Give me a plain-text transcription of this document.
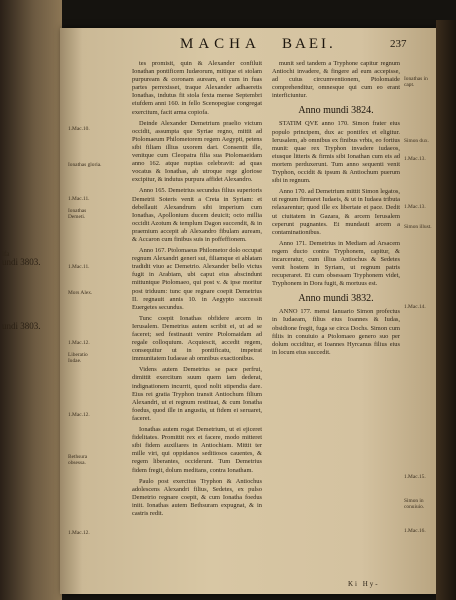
ifa
undi 3803.
undi 3803.
MACHA BAEI.	237

tes promisit, quin & Alexander confiluit Ionathan pontificem Iudæorum, mitique ei stolam purpuream & coronam auream, et cum in fuas partes perrexisset, traque Alexander adhaeretis Ionathas, indutus fit stola fexta mense Septembri eiufdem anni 160. in fello Scenopegiae congregat exercitum, facit arma copiofa.

Deinde Alexander Demetrium praelio victum occidit, assumpta que Syriae regno, mittit ad Ptolomaeum Philometorem regem Aegypti, petens sibi filiam illius uxorem dari. Consentit ille, venitque cum Cleopatra filia sua Ptolomaeidam anno 162. atque nuptias celebravit: ad quas vocatus & Ionathas, ab utroque rege gloriose excipitur, & indutus purpura affidet Alexandro.

Anno 165. Demetrius secundus filius superioris Demetrii Soteris venit a Creta in Syriam: et debellauit Alexandrum sibi imperium cum Ionathas, Apollonium ducem deuicit; octo millia occidit Azotum & templum Dagon succendit, & in praemium accepit ab Alexandro fibulam auream, & Accaron cum finibus suis in poffeffionem.

Anno 167. Ptolomaeus Philometor dolo occupat regnum Alexandri generi sui, filiamque ei ablatam tradidit viuo ac Demetrio. Alexander bello victus fugit in Arabiam, ubi caput eius abscindunt mittuntque Ptolomaeo, qui post v. & ipse moritur post triduum: tunc que regnare coepit Demetrius II. regnauit annis 10. in Aegypto successit Euergetes secundus.

Tunc coepit Ionathas obfidere arcem in Ierusalem. Demetrius autem scribit ei, ut ad se faceret; sed festinauit venire Ptolomaidam ad regale colloquium. Acquiescit, accedit regem, consequitur ut in pontificatu, impetrat immunitatem Iudaeae ab omnibus exactionibus.

Videns autem Demetrius se pace perfrui, dimittit exercitum suum quem iam dederat, indignationem incurrit, quod nolit stipendia dare. Eius rei gratia Tryphon transit Antiochum filium Alexandri, ut ei regnum restituat, & cum Ionatha foedus, quod ille in angustia, ut fidem ei seruaret, faceret.

Ionathas autem rogat Demetrium, ut ei ejiceret fidelitates. Promittit rex et facere, modo mitteret sibi fidem auxiliares in Antiochiam. Mittit ter mille viri, qui oppidanos seditiosos cauentes, & regem liberantes, occiderunt. Tum Demetrius fidem fregit, dolum meditans, contra Ionatham.

Paulo post exercitus Tryphon & Antiochus adolescens Alexandri filius, Sedetes, ex pulso Demetrio regnare coepit, & cum Ionatha foedus iniit. Ionathas autem Bethsuram expugnat, & in castris redit.

munit sed tandem a Tryphone capitur regnum Antiochi invadere, & fingere ad eum accepisse, ad cuius circumventionem, Ptolomaide comprehenditur, omnesque qui cum eo erant interficiuntur.

Anno mundi 3824.

STATIM QVE anno 170. Simon frater eius populo principem, dux ac pontifex et eligitur. Ierusalem, ab omnibus ex finibus vrbis, eo fortius munit: quae rex Tryphon invadere iudaeos, eiusque litteris & firmis sibi Ionathan cum eis ad mortem perduxerunt. Tum anno sequenti venit Tryphon, occidit & ipsum & Antiochum puerum sibi in regnum.

Anno 170. ad Demetrium mittit Simon legatos, ut regnum firmaret Iudaeis, & ut in Iudaea tributa relaxarentur; quod ille ex libertate et pace. Dedit ut ciuitatem in Gazara, & arcem Ierusalem ceperunt pugnantes. Et mundauit arcem a contaminationibus.

Anno 171. Demetrius in Mediam ad Arsacem regem ducto contra Tryphonem, capitur, & incarceratur, cum illius Antiochus & Sedetes venit hostem in Syriam, ut regnum patris recuperaret. Et cum obsessam Tryphonem videt, Tryphonem in Dora fugit, & mortuus est.

Anno mundi 3832.

ANNO 177. mensi Ianuario Simon profectus in Iudaeam, filius eius Ioannes & Iudas, obsidione fregit, fuga se circa Dochs. Simon cum filiis in conuiuio a Ptolomaeo genero suo per dolum occiditur, et Ioannes Hyrcanus filius eius in locum eius succedit.

1.Mac.10.
Ionathas gloria.
1.Mac.11.
Ionathas Demeti.
1.Mac.11.
Mors Alex.
1.Mac.12.
Liberatio Iudae.
1.Mac.12.
Bethsura obsessa.
1.Mac.12.
Ionathas in capt.
Simon dux.
1.Mac.13.
1.Mac.13.
Simon illust.
1.Mac.14.
1.Mac.15.
Simon in conuiuio.
1.Mac.16.
Ki Hy-
